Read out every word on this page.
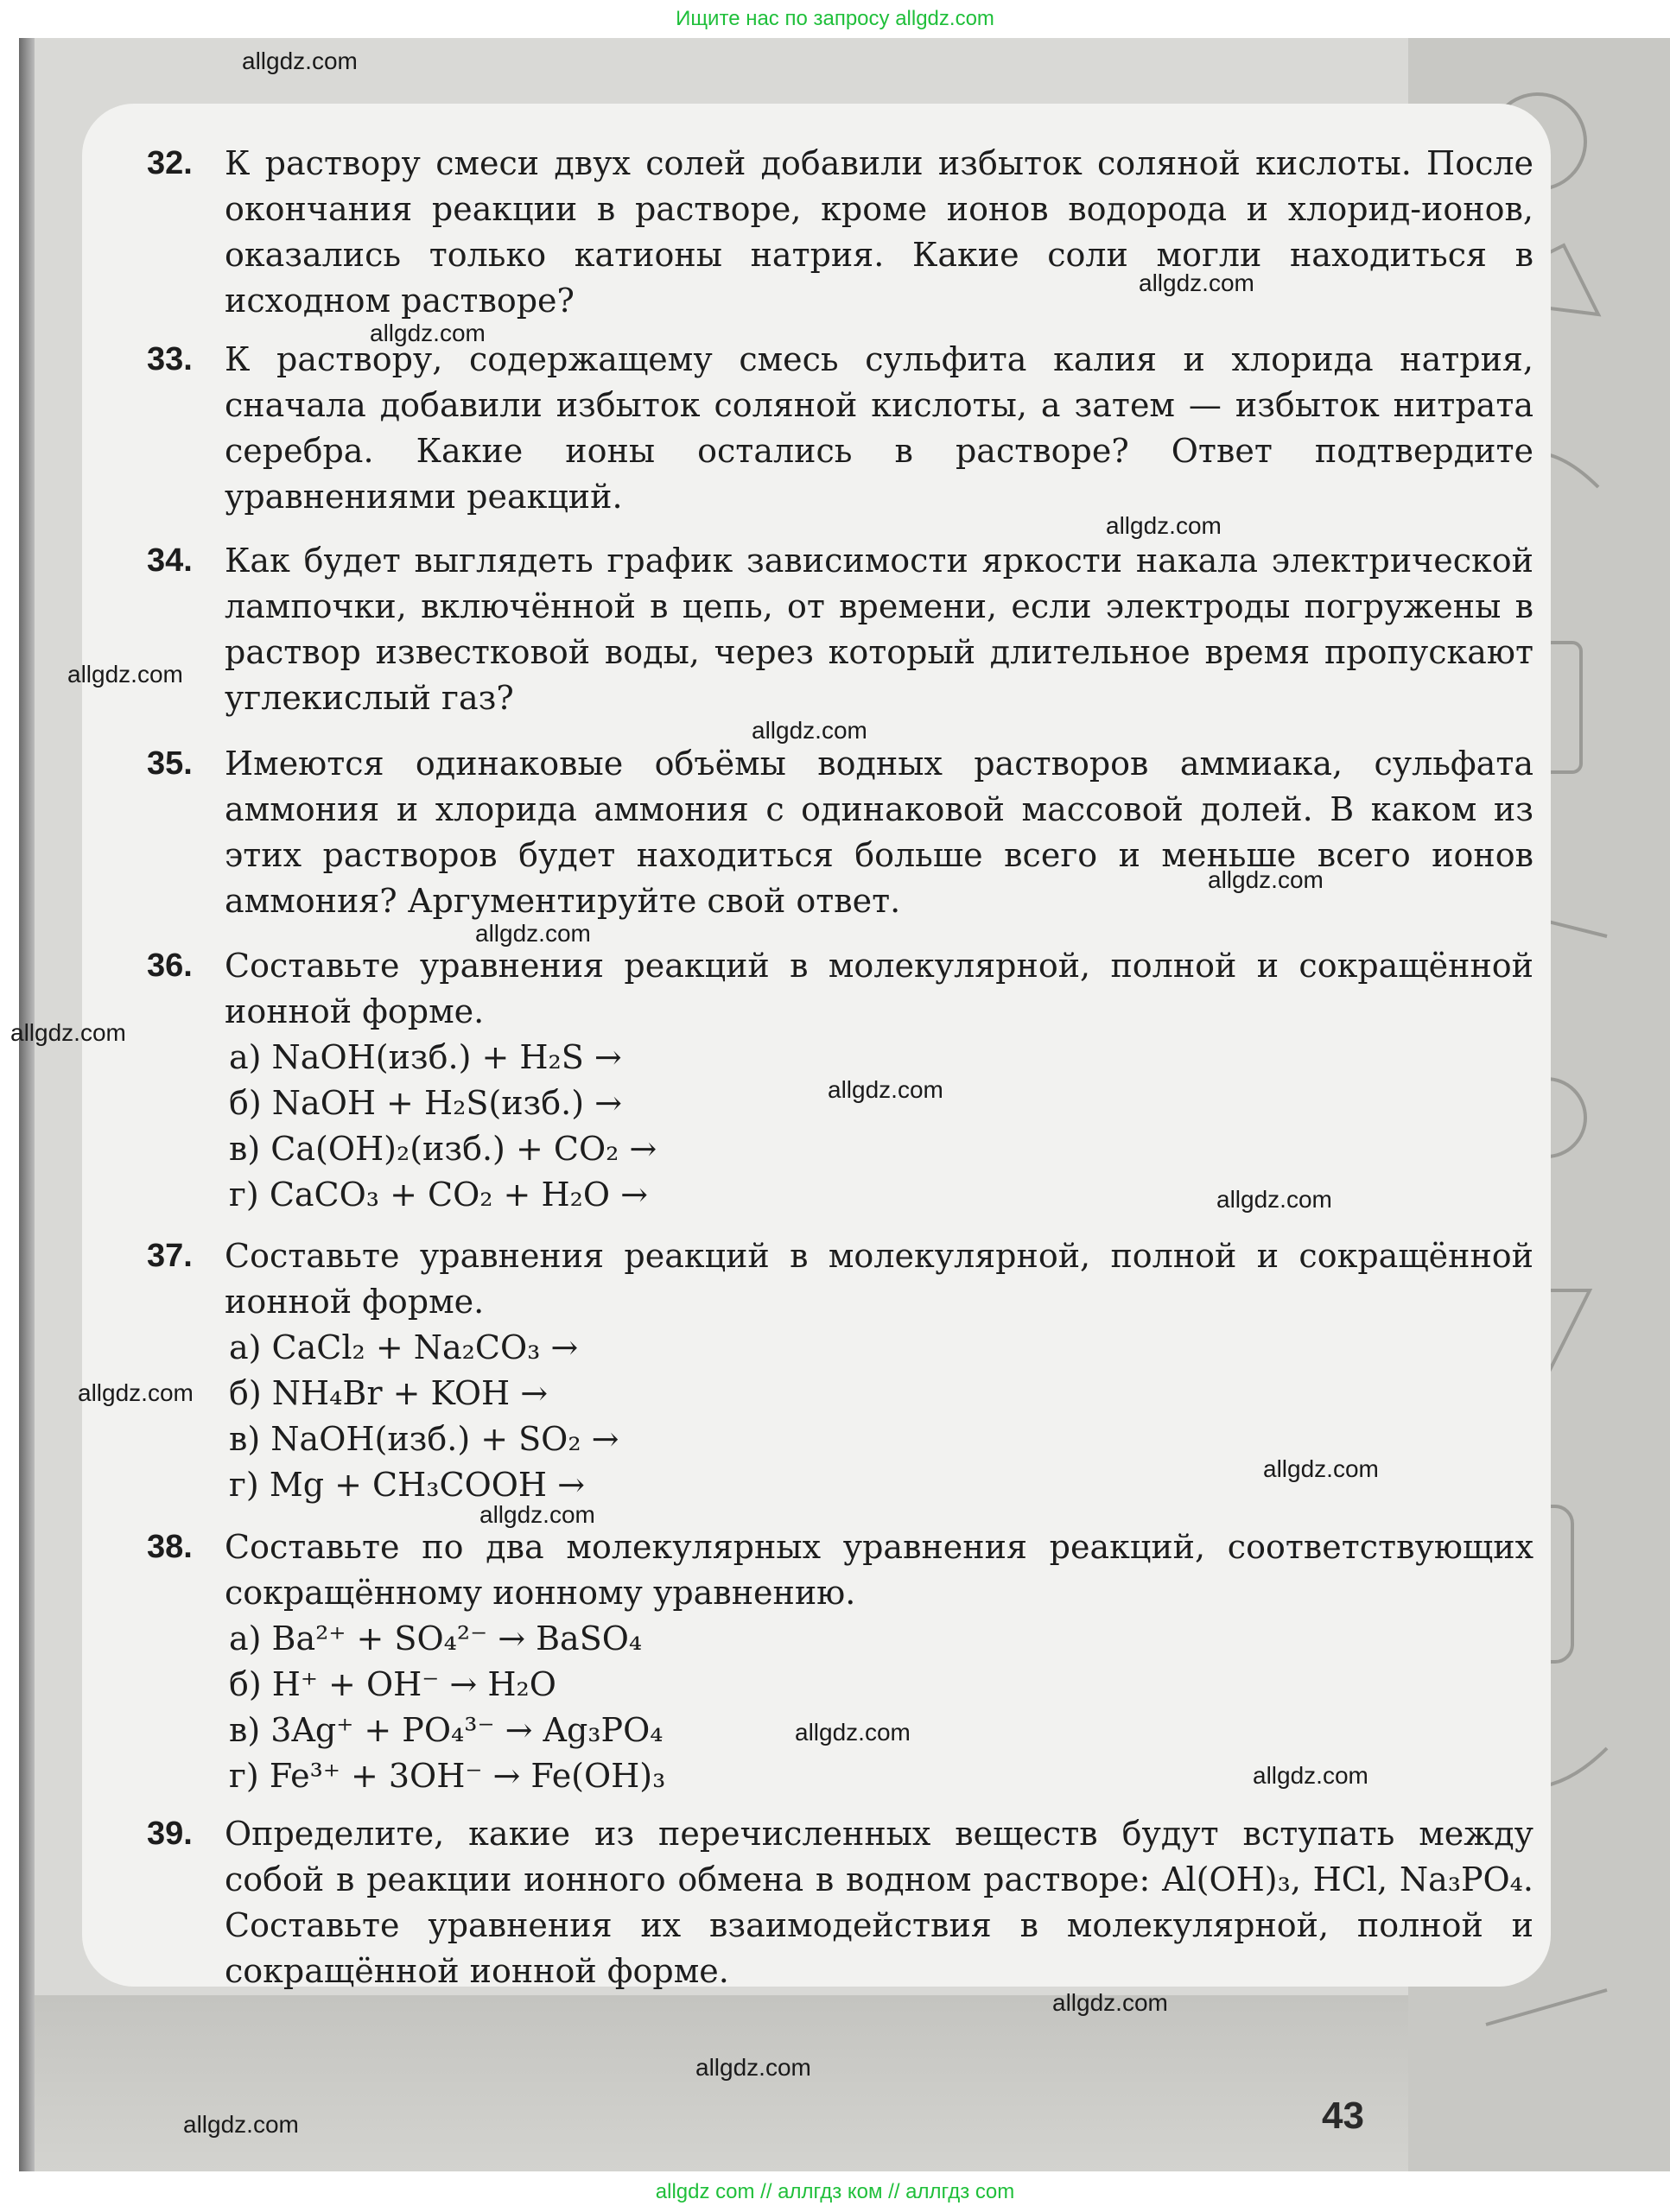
Ищите нас по запросу allgdz.com
32. К раствору смеси двух солей добавили избыток соляной кислоты. После окончания реакции в растворе, кроме ионов водорода и хлорид-ионов, оказались только катионы натрия. Какие соли могли находиться в исходном растворе?
33. К раствору, содержащему смесь сульфита калия и хлорида натрия, сначала добавили избыток соляной кислоты, а затем — избыток нитрата серебра. Какие ионы остались в растворе? Ответ подтвердите уравнениями реакций.
34. Как будет выглядеть график зависимости яркости накала электрической лампочки, включённой в цепь, от времени, если электроды погружены в раствор известковой воды, через который длительное время пропускают углекислый газ?
35. Имеются одинаковые объёмы водных растворов аммиака, сульфата аммония и хлорида аммония с одинаковой массовой долей. В каком из этих растворов будет находиться больше всего и меньше всего ионов аммония? Аргументируйте свой ответ.
36. Составьте уравнения реакций в молекулярной, полной и сокращённой ионной форме.
а) NaOH(изб.) + H₂S →
б) NaOH + H₂S(изб.) →
в) Ca(OH)₂(изб.) + CO₂ →
г) CaCO₃ + CO₂ + H₂O →
37. Составьте уравнения реакций в молекулярной, полной и сокращённой ионной форме.
а) CaCl₂ + Na₂CO₃ →
б) NH₄Br + KOH →
в) NaOH(изб.) + SO₂ →
г) Mg + CH₃COOH →
38. Составьте по два молекулярных уравнения реакций, соответствующих сокращённому ионному уравнению.
а) Ba²⁺ + SO₄²⁻ → BaSO₄
б) H⁺ + OH⁻ → H₂O
в) 3Ag⁺ + PO₄³⁻ → Ag₃PO₄
г) Fe³⁺ + 3OH⁻ → Fe(OH)₃
39. Определите, какие из перечисленных веществ будут вступать между собой в реакции ионного обмена в водном растворе: Al(OH)₃, HCl, Na₃PO₄. Составьте уравнения их взаимодействия в молекулярной, полной и сокращённой ионной форме.
43
allgdz.com
allgdz.com
allgdz.com
allgdz.com
allgdz.com
allgdz.com
allgdz.com
allgdz.com
allgdz.com
allgdz.com
allgdz.com
allgdz.com
allgdz.com
allgdz.com
allgdz.com
allgdz.com
allgdz.com
allgdz.com
allgdz.com
allgdz com // аллгдз ком // аллгдз com
